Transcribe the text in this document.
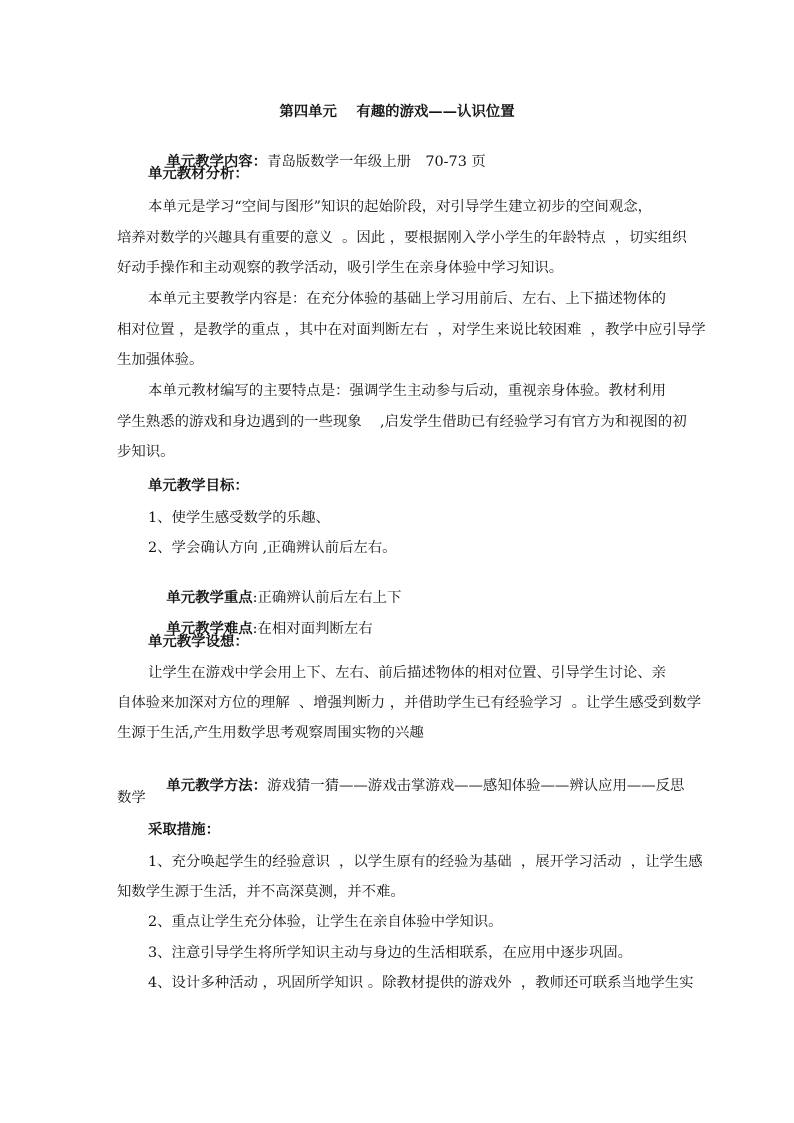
第四单元　 有趣的游戏——认识位置

单元教学内容：青岛版数学一年级上册　70-73 页

单元教材分析：
本单元是学习“空间与图形”知识的起始阶段，对引导学生建立初步的空间观念，
培养对数学的兴趣具有重要的意义  。因此 ，要根据刚入学小学生的年龄特点  ，切实组织
好动手操作和主动观察的教学活动，吸引学生在亲身体验中学习知识。
本单元主要教学内容是：在充分体验的基础上学习用前后、左右、上下描述物体的
相对位置 ，是教学的重点 ，其中在对面判断左右  ，对学生来说比较困难  ，教学中应引导学
生加强体验。
本单元教材编写的主要特点是：强调学生主动参与后动，重视亲身体验。教材利用
学生熟悉的游戏和身边遇到的一些现象    ,启发学生借助已有经验学习有官方为和视图的初
步知识。
单元教学目标：
1、使学生感受数学的乐趣、
2、学会确认方向 ,正确辨认前后左右。

单元教学重点:正确辨认前后左右上下

单元教学难点:在相对面判断左右

单元教学设想：
让学生在游戏中学会用上下、左右、前后描述物体的相对位置、引导学生讨论、亲
自体验来加深对方位的理解  、增强判断力 ，并借助学生已有经验学习  。让学生感受到数学
生源于生活,产生用数学思考观察周围实物的兴趣

单元教学方法：游戏猜一猜——游戏击掌游戏——感知体验——辨认应用——反思

数学
采取措施：
1、充分唤起学生的经验意识  ，以学生原有的经验为基础  ，展开学习活动  ，让学生感
知数学生源于生活，并不高深莫测，并不难。
2、重点让学生充分体验，让学生在亲自体验中学知识。
3、注意引导学生将所学知识主动与身边的生活相联系，在应用中逐步巩固。
4、设计多种活动 ，巩固所学知识 。除教材提供的游戏外  ，教师还可联系当地学生实
